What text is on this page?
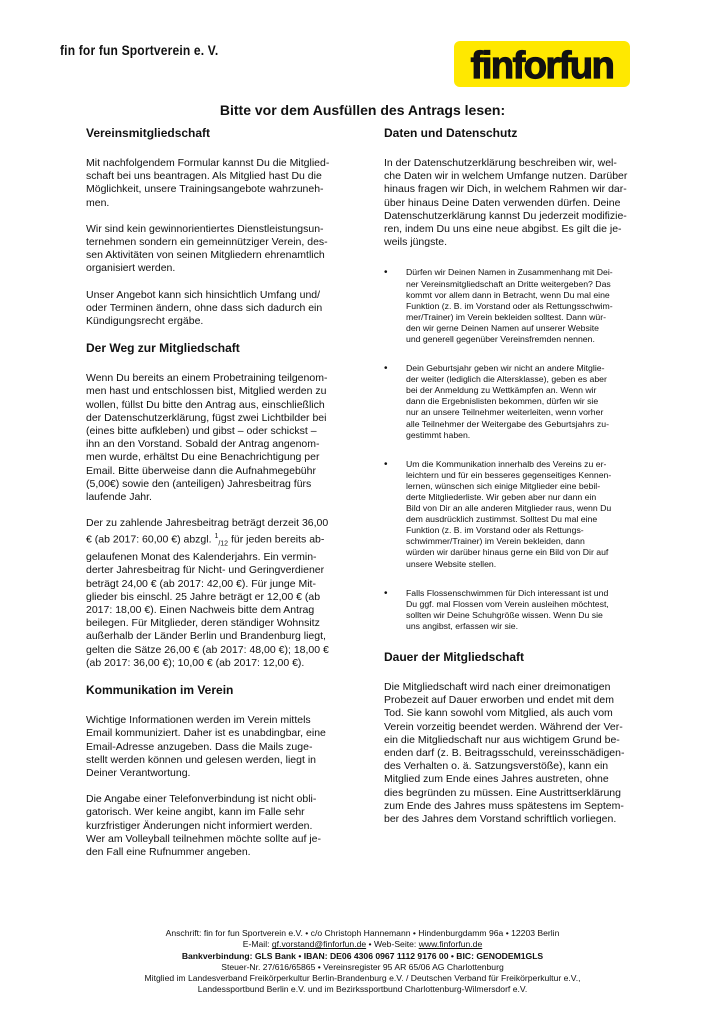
fin for fun Sportverein e. V.	finforfun
Bitte vor dem Ausfüllen des Antrags lesen:
Vereinsmitgliedschaft

Mit nachfolgendem Formular kannst Du die Mitglied-
schaft bei uns beantragen. Als Mitglied hast Du die
Möglichkeit, unsere Trainingsangebote wahrzuneh-
men.

Wir sind kein gewinnorientiertes Dienstleistungsun-
ternehmen sondern ein gemeinnütziger Verein, des-
sen Aktivitäten von seinen Mitgliedern ehrenamtlich
organisiert werden.

Unser Angebot kann sich hinsichtlich Umfang und/
oder Terminen ändern, ohne dass sich dadurch ein
Kündigungsrecht ergäbe.

Der Weg zur Mitgliedschaft

Wenn Du bereits an einem Probetraining teilgenom-
men hast und entschlossen bist, Mitglied werden zu
wollen, füllst Du bitte den Antrag aus, einschließlich
der Datenschutzerklärung, fügst zwei Lichtbilder bei
(eines bitte aufkleben) und gibst – oder schickst –
ihn an den Vorstand. Sobald der Antrag angenom-
men wurde, erhältst Du eine Benachrichtigung per
Email. Bitte überweise dann die Aufnahmegebühr
(5,00€) sowie den (anteiligen) Jahresbeitrag fürs
laufende Jahr.

Der zu zahlende Jahresbeitrag beträgt derzeit 36,00
€ (ab 2017: 60,00 €) abzgl. $^1_{/12}$ für jeden bereits ab-
gelaufenen Monat des Kalenderjahrs. Ein vermin-
derter Jahresbeitrag für Nicht- und Geringverdiener
beträgt 24,00 € (ab 2017: 42,00 €). Für junge Mit-
glieder bis einschl. 25 Jahre beträgt er 12,00 € (ab
2017: 18,00 €). Einen Nachweis bitte dem Antrag
beilegen. Für Mitglieder, deren ständiger Wohnsitz
außerhalb der Länder Berlin und Brandenburg liegt,
gelten die Sätze 26,00 € (ab 2017: 48,00 €); 18,00 €
(ab 2017: 36,00 €); 10,00 € (ab 2017: 12,00 €).

Kommunikation im Verein

Wichtige Informationen werden im Verein mittels
Email kommuniziert. Daher ist es unabdingbar, eine
Email-Adresse anzugeben. Dass die Mails zuge-
stellt werden können und gelesen werden, liegt in
Deiner Verantwortung.

Die Angabe einer Telefonverbindung ist nicht obli-
gatorisch. Wer keine angibt, kann im Falle sehr
kurzfristiger Änderungen nicht informiert werden.
Wer am Volleyball teilnehmen möchte sollte auf je-
den Fall eine Rufnummer angeben.

Daten und Datenschutz

In der Datenschutzerklärung beschreiben wir, wel-
che Daten wir in welchem Umfange nutzen. Darüber
hinaus fragen wir Dich, in welchem Rahmen wir dar-
über hinaus Deine Daten verwenden dürfen. Deine
Datenschutzerklärung kannst Du jederzeit modifizie-
ren, indem Du uns eine neue abgibst. Es gilt die je-
weils jüngste.

• Dürfen wir Deinen Namen in Zusammenhang mit Dei-
ner Vereinsmitgliedschaft an Dritte weitergeben? Das
kommt vor allem dann in Betracht, wenn Du mal eine
Funktion (z. B. im Vorstand oder als Rettungsschwim-
mer/Trainer) im Verein bekleiden solltest. Dann wür-
den wir gerne Deinen Namen auf unserer Website
und generell gegenüber Vereinsfremden nennen.
• Dein Geburtsjahr geben wir nicht an andere Mitglie-
der weiter (lediglich die Altersklasse), geben es aber
bei der Anmeldung zu Wettkämpfen an. Wenn wir
dann die Ergebnislisten bekommen, dürfen wir sie
nur an unsere Teilnehmer weiterleiten, wenn vorher
alle Teilnehmer der Weitergabe des Geburtsjahrs zu-
gestimmt haben.
• Um die Kommunikation innerhalb des Vereins zu er-
leichtern und für ein besseres gegenseitiges Kennen-
lernen, wünschen sich einige Mitglieder eine bebil-
derte Mitgliederliste. Wir geben aber nur dann ein
Bild von Dir an alle anderen Mitglieder raus, wenn Du
dem ausdrücklich zustimmst. Solltest Du mal eine
Funktion (z. B. im Vorstand oder als Rettungs-
schwimmer/Trainer) im Verein bekleiden, dann
würden wir darüber hinaus gerne ein Bild von Dir auf
unsere Website stellen.
• Falls Flossenschwimmen für Dich interessant ist und
Du ggf. mal Flossen vom Verein ausleihen möchtest,
sollten wir Deine Schuhgröße wissen. Wenn Du sie
uns angibst, erfassen wir sie.
Dauer der Mitgliedschaft

Die Mitgliedschaft wird nach einer dreimonatigen
Probezeit auf Dauer erworben und endet mit dem
Tod. Sie kann sowohl vom Mitglied, als auch vom
Verein vorzeitig beendet werden. Während der Ver-
ein die Mitgliedschaft nur aus wichtigem Grund be-
enden darf (z. B. Beitragsschuld, vereinsschädigen-
des Verhalten o. ä. Satzungsverstöße), kann ein
Mitglied zum Ende eines Jahres austreten, ohne
dies begründen zu müssen. Eine Austrittserklärung
zum Ende des Jahres muss spätestens im Septem-
ber des Jahres dem Vorstand schriftlich vorliegen.

Anschrift: fin for fun Sportverein e.V. • c/o Christoph Hannemann • Hindenburgdamm 96a • 12203 Berlin
E-Mail: gf.vorstand@finforfun.de • Web-Seite: www.finforfun.de
Bankverbindung: GLS Bank • IBAN: DE06 4306 0967 1112 9176 00 • BIC: GENODEM1GLS
Steuer-Nr. 27/616/65865 • Vereinsregister 95 AR 65/06 AG Charlottenburg
Mitglied im Landesverband Freikörperkultur Berlin-Brandenburg e.V. / Deutschen Verband für Freikörperkultur e.V.,
Landessportbund Berlin e.V. und im Bezirkssportbund Charlottenburg-Wilmersdorf e.V.
